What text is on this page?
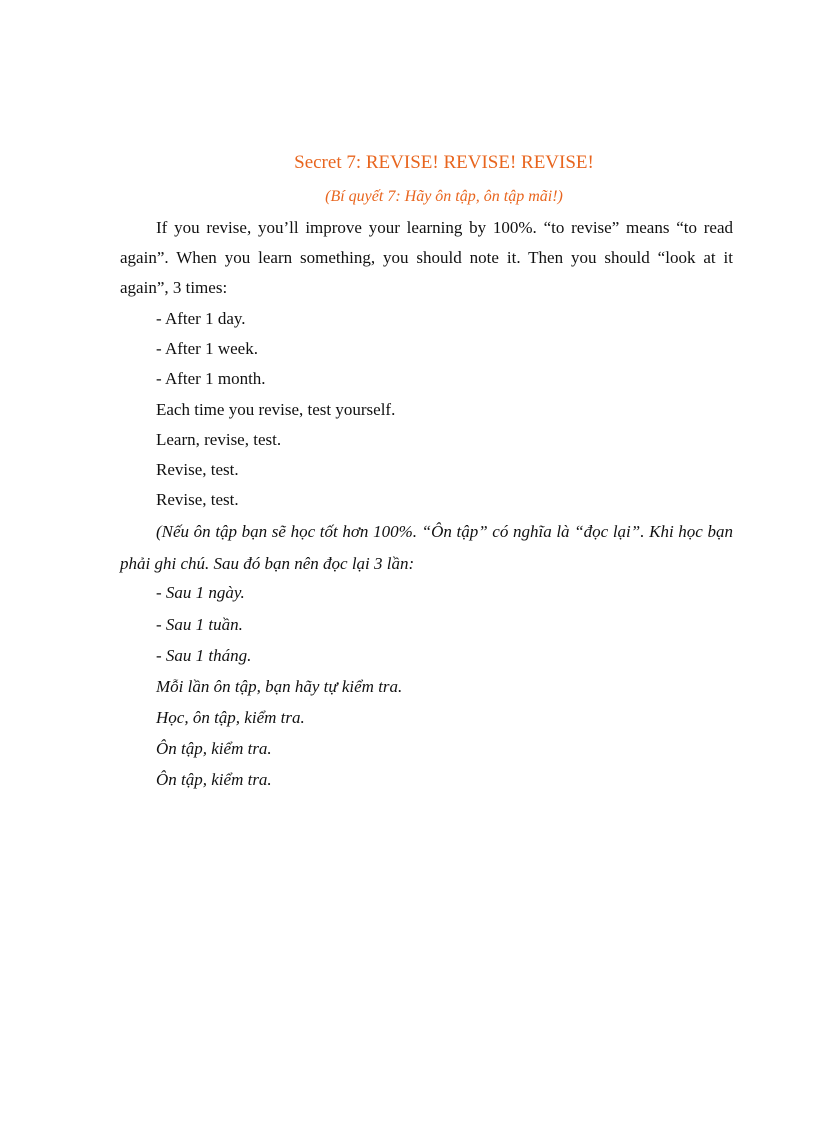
Secret 7: REVISE! REVISE! REVISE!
(Bí quyết 7: Hãy ôn tập, ôn tập mãi!)
If you revise, you’ll improve your learning by 100%. “to revise” means “to read again”. When you learn something, you should note it. Then you should “look at it again”, 3 times:
- After 1 day.
- After 1 week.
- After 1 month.
Each time you revise, test yourself.
Learn, revise, test.
Revise, test.
Revise, test.
(Nếu ôn tập bạn sẽ học tốt hơn 100%. “Ôn tập” có nghĩa là “đọc lại”. Khi học bạn phải ghi chú. Sau đó bạn nên đọc lại 3 lần:
- Sau 1 ngày.
- Sau 1 tuần.
- Sau 1 tháng.
Mỗi lần ôn tập, bạn hãy tự kiểm tra.
Học, ôn tập, kiểm tra.
Ôn tập, kiểm tra.
Ôn tập, kiểm tra.
